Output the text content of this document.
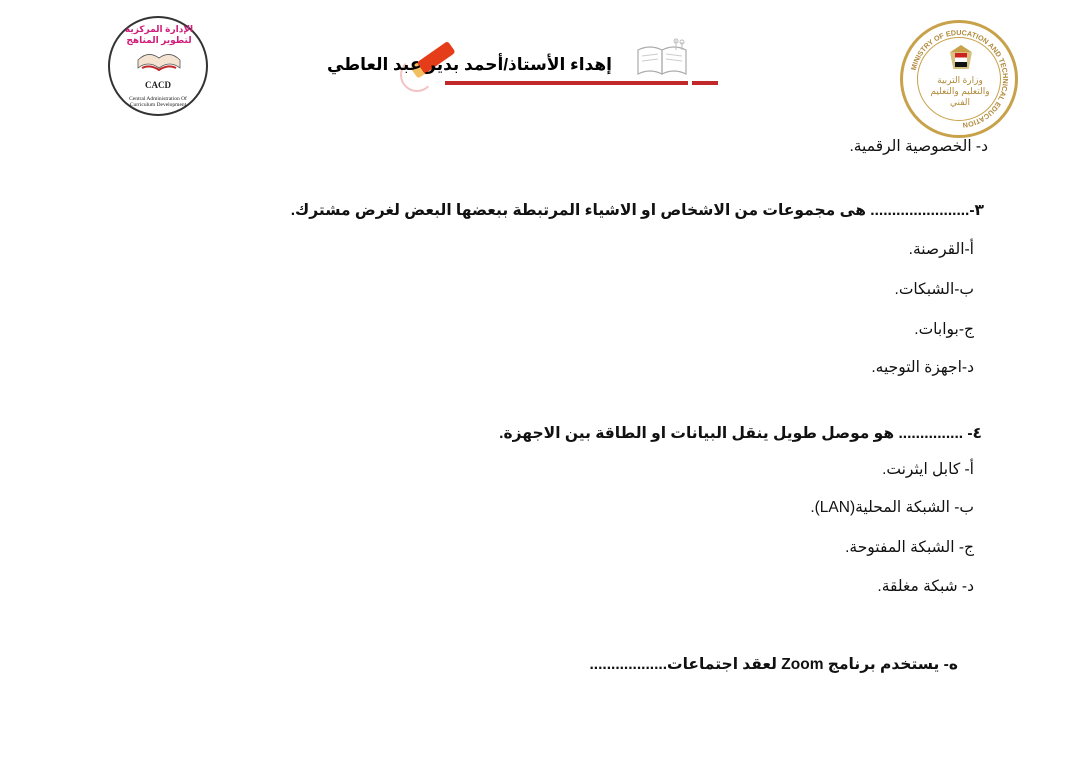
MINISTRY OF EDUCATION AND TECHNICAL EDUCATION
وزارة التربية والتعليم والتعليم الفني
إهداء الأستاذ/أحمد بدير عبد العاطي
الإدارة المركزية لتطوير المناهج
CACD
Central Administration Of Curriculum Development
د- الخصوصية الرقمية.
٣-....................... هى مجموعات من الاشخاص او الاشياء المرتبطة ببعضها البعض لغرض مشترك.
أ-القرصنة.
ب-الشبكات.
ج-بوابات.
د-اجهزة التوجيه.
٤- ............... هو موصل طويل ينقل البيانات او الطاقة بين الاجهزة.
أ- كابل ايثرنت.
ب- الشبكة المحلية(LAN).
ج- الشبكة المفتوحة.
د- شبكة مغلقة.
ه- يستخدم برنامج Zoom لعقد اجتماعات..................
